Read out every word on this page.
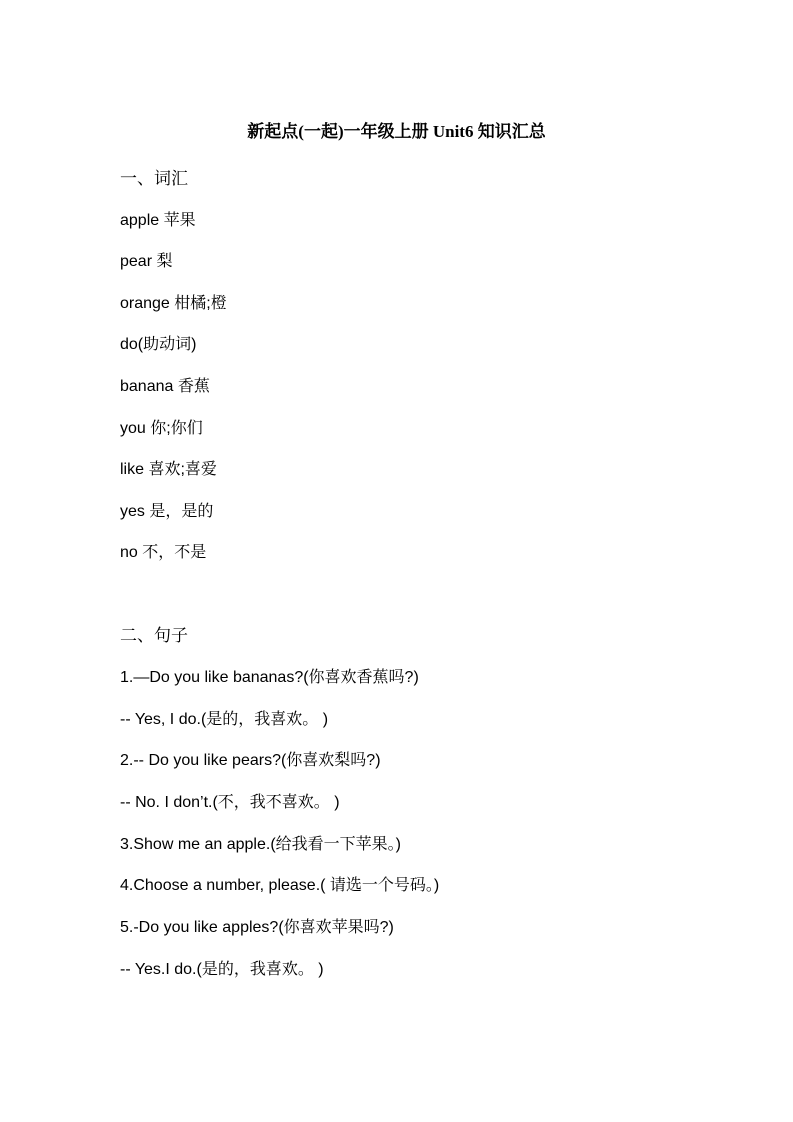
新起点(一起)一年级上册 Unit6 知识汇总
一、词汇
apple 苹果
pear 梨
orange 柑橘;橙
do(助动词)
banana 香蕉
you 你;你们
like 喜欢;喜爱
yes 是，是的
no 不，不是
二、句子
1.—Do you like bananas?(你喜欢香蕉吗?)
-- Yes, I do.(是的，我喜欢。 )
2.-- Do you like pears?(你喜欢梨吗?)
-- No. I don’t.(不，我不喜欢。 )
3.Show me an apple.(给我看一下苹果。)
4.Choose a number, please.( 请选一个号码。)
5.-Do you like apples?(你喜欢苹果吗?)
-- Yes.I do.(是的，我喜欢。 )
